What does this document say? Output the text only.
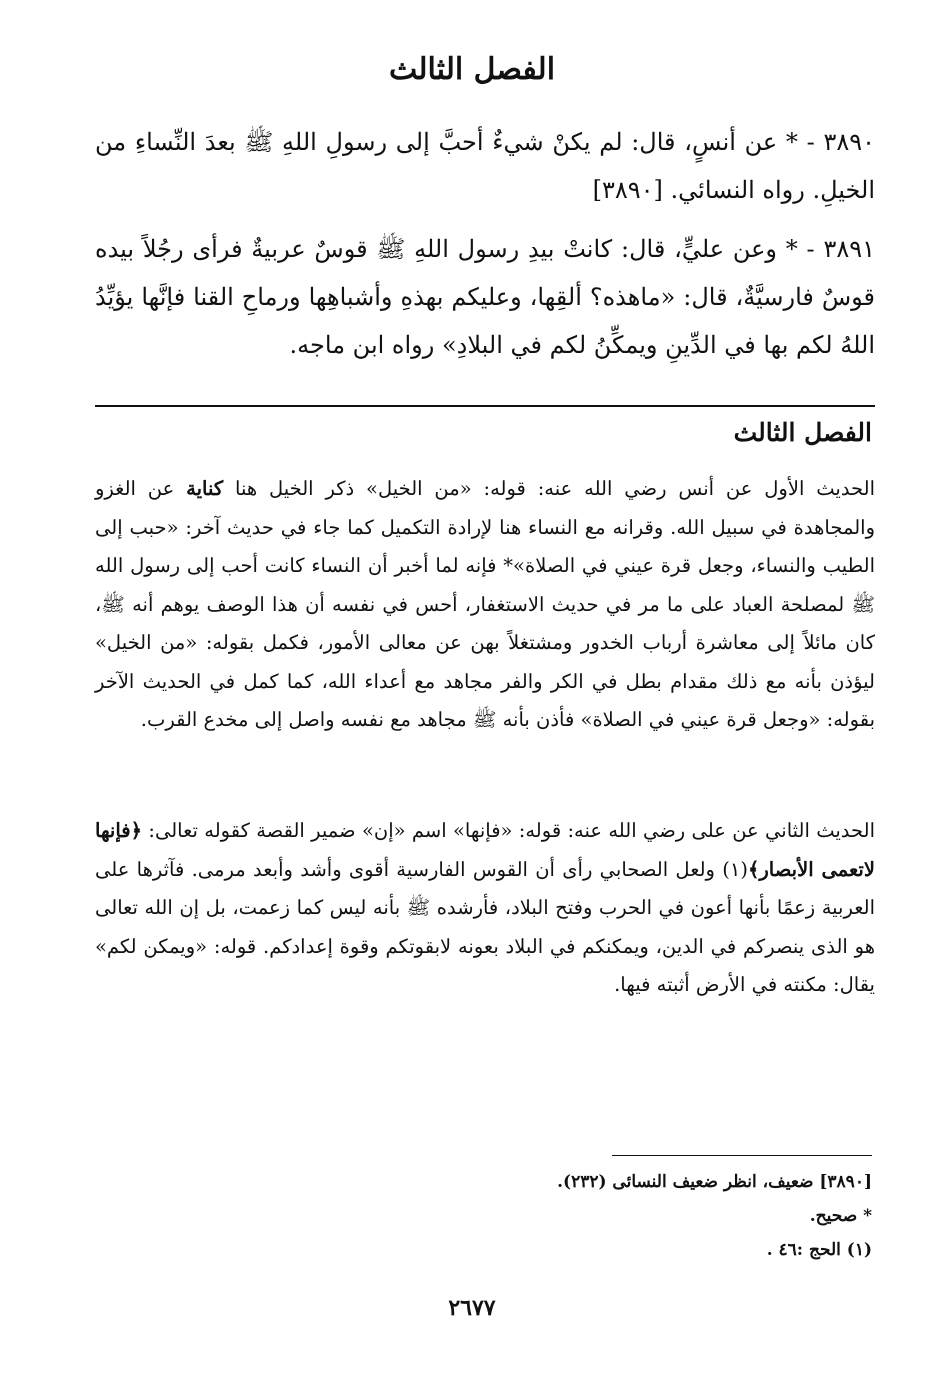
الفصل الثالث

٣٨٩٠ - * عن أنسٍ، قال: لم يكنْ شيءٌ أحبَّ إلى رسولِ اللهِ ﷺ بعدَ النِّساءِ من الخيلِ. رواه النسائي. [٣٨٩٠]

٣٨٩١ - * وعن عليٍّ، قال: كانتْ بيدِ رسول اللهِ ﷺ قوسٌ عربيةٌ فرأى رجُلاً بيده قوسٌ فارسيَّةٌ، قال: «ماهذه؟ ألقِها، وعليكم بهذهِ وأشباهِها ورماحِ القنا فإنَّها يؤيِّدُ اللهُ لكم بها في الدِّينِ ويمكِّنُ لكم في البلادِ» رواه ابن ماجه.

الفصل الثالث

الحديث الأول عن أنس رضي الله عنه: قوله: «من الخيل» ذكر الخيل هنا كناية عن الغزو والمجاهدة في سبيل الله. وقرانه مع النساء هنا لإرادة التكميل كما جاء في حديث آخر: «حبب إلى الطيب والنساء، وجعل قرة عيني في الصلاة»* فإنه لما أخبر أن النساء كانت أحب إلى رسول الله ﷺ لمصلحة العباد على ما مر في حديث الاستغفار، أحس في نفسه أن هذا الوصف يوهم أنه ﷺ، كان مائلاً إلى معاشرة أرباب الخدور ومشتغلاً بهن عن معالى الأمور، فكمل بقوله: «من الخيل» ليؤذن بأنه مع ذلك مقدام بطل في الكر والفر مجاهد مع أعداء الله، كما كمل في الحديث الآخر بقوله: «وجعل قرة عيني في الصلاة» فأذن بأنه ﷺ مجاهد مع نفسه واصل إلى مخدع القرب.

الحديث الثاني عن على رضي الله عنه: قوله: «فإنها» اسم «إن» ضمير القصة كقوله تعالى: ﴿فإنها لاتعمى الأبصار﴾(١) ولعل الصحابي رأى أن القوس الفارسية أقوى وأشد وأبعد مرمى. فآثرها على العربية زعمًا بأنها أعون في الحرب وفتح البلاد، فأرشده ﷺ بأنه ليس كما زعمت، بل إن الله تعالى هو الذى ينصركم في الدين، ويمكنكم في البلاد بعونه لابقوتكم وقوة إعدادكم. قوله: «ويمكن لكم» يقال: مكنته في الأرض أثبته فيها.

[٣٨٩٠] ضعيف، انظر ضعيف النسائى (٢٣٢).
* صحيح.
(١) الحج :٤٦ .
٢٦٧٧
